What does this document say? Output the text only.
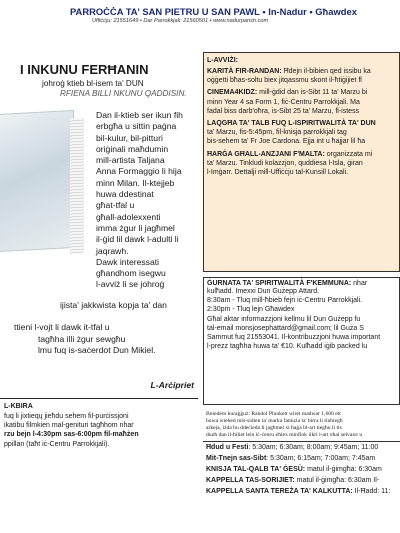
PARROĊĊA TA' SAN PIETRU U SAN PAWL • In-Nadur • Għawdex
Uffiċċju: 21551649 • Dar Parrokkjali: 21560501 • www.nadurparish.com
I INKUNU FERĦANIN
johroġ ktieb bl-isem ta' DUN
RFIENA BILLI NKUNU QADDISIN.
Dan il-ktieb ser ikun fih
erbgħa u sittin paġna
bil-kulur, bil-pitturi
oriġinali maħdumin
mill-artista Taljana
Anna Formaggio li hija
minn Milan. Il-ktejjeb
huwa ddestinat
għat-tfal u
għall-adolexxenti
imma żgur li jagħmel
il-ġid lil dawk l-adulti li
jaqrawh.
Dawk interessati
għandhom isegwu
l-avviż li se johroġ
ijista' jakkwista kopja ta' dan
ttieni l-vojt li dawk it-tfal u
tagħha illi żgur sewgħu
lmu fuq is-saċerdot Dun Mikiel.
L-Arċipriet
L-KBIRA

fuq li jixtieqų jieħdu sehem fil-purċissjoni

ikatibu filmkien mal-genituri tagħhom nhar

rzu bejn l-4:30pm sas-6:00pm fil-maħżen

ppillan (taħt iċ-Ċentru Parrokkjali).

L-AVVIŻI:
KARITÀ FIR-RANDAN: Ħdejn il-bibien qed issibu ka
oġġetti bħas-soltu biex jitqassmu skont il-ħtiġijiet fl
CINEMA4KIDZ: mill-ġdid dan is-Sibt 11 ta' Marzu bi
minn Year 4 sa Form 1, fiċ-Ċentru Parrokkjali. Ma
fadal biss darb'oħra, is-Sibt 25 ta' Marzu, fl-istess
LAQGĦA TA' TALB FUQ L-ISPIRITWALITÀ TA' DUN
ta' Marzu, fis-5:45pm, fil-knisja parrokkjali tag
bis-sehem ta' Fr Joe Cardona. Ejja int u ħajjar lil ħa
ĦARĠA GĦALL-ANZJANI F'MALTA: organizzata mi
ta' Marzu. Tinkludi kolazzjon, quddiesa l-Isla, ġiran
l-Imġarr. Dettalji mill-Uffiċċju tal-Kunsill Lokali.
ĠURNATA TA' SPIRITWALITÀ F'KEMMUNA: nhar
kulħadd. Imexxi Dun Ġużepp Attard.
8:30am - Tluq mill-ħbieb fejn iċ-Ċentru Parrokkjali.
2:30pm - Tluq lejn Għawdex
Għal aktar informazzjoni kellmu lil Dun Ġużepp fu
tal-email monsjosephattard@gmail.com; lil Ġuża S
Sammut fuq 21553041. Il-kontribuzzjoni huwa important
l-prezz tagħha huwa ta' €10. Kulħadd iġib packed lu
Bniedem kuraġġuż: Randol Plunkett wiret madwar 1,600 ett
huwa wiehed mis-sidien ta' marka famuża ta' birra li tinbiegħ
arkeja, iżda hu ddeċieda li jagħmel xi ħaġa bl-art tiegħu li tis
dugħ dan il-ħiliet lejn iċ-ċenru għiex minflok jikri l-art għal selvagg u
Ħdud u Festi: 5:30am; 6:30am; 8:00am; 9:45am; 11:00
Mit-Tnejn sas-Sibt: 5:30am; 6:15am; 7:00am; 7:45am
KNISJA TAL-QALB TA' ĠESÙ: matul il-ġimgħa: 6:30am
KAPPELLA TAS-SORIJIET: matul il-ġimgħa: 6:30am Il-
KAPPELLA SANTA TEREŻA TA' KALKUTTA: Il-Ħadd: 11:
